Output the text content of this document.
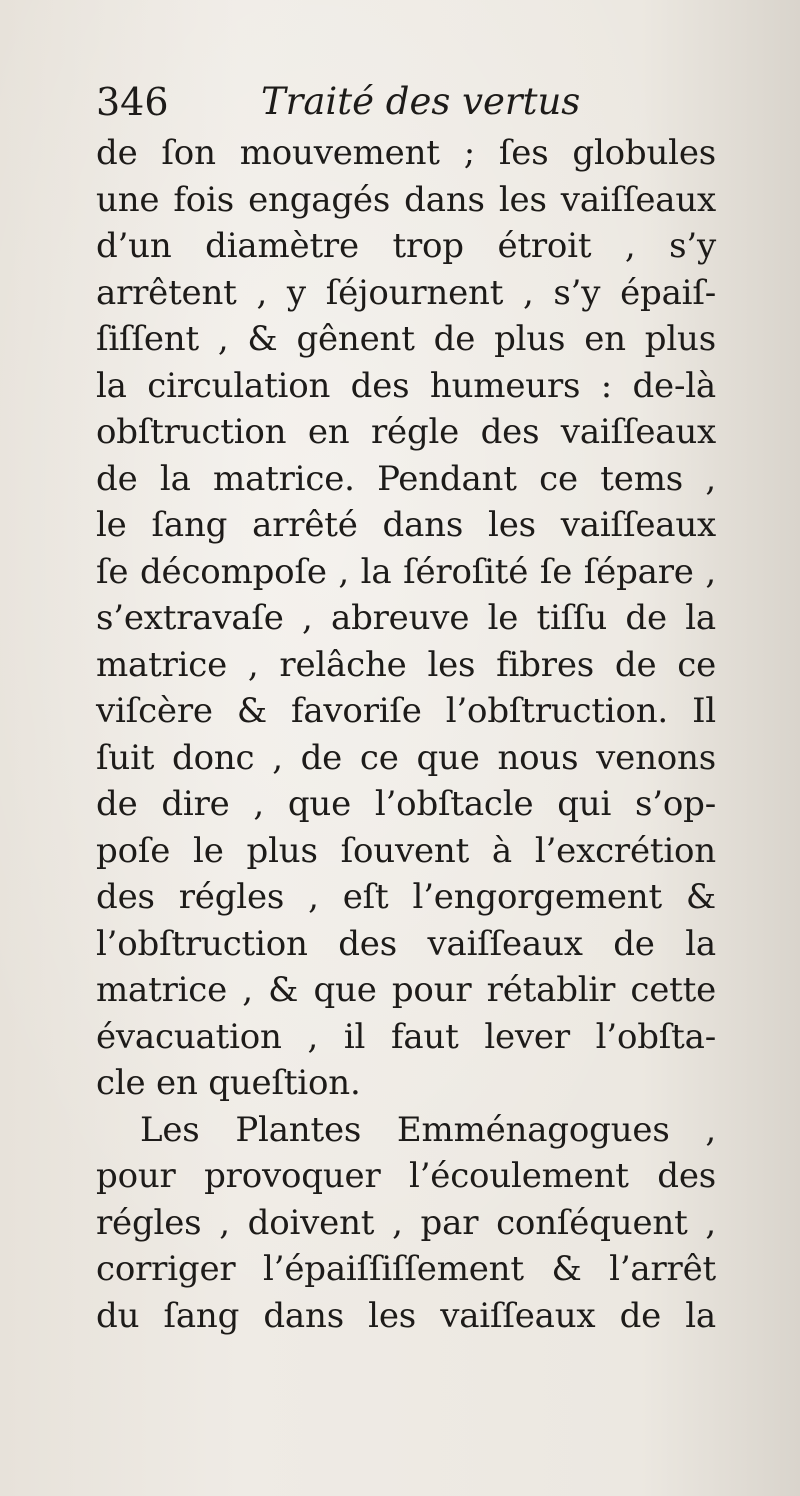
346 Traité des vertus
de ſon mouvement ; ſes globules
une fois engagés dans les vaiſſeaux
d’un diamètre trop étroit , s’y
arrêtent , y ſéjournent , s’y épaiſ-
ſiſſent , & gênent de plus en plus
la circulation des humeurs : de-là
obſtruction en régle des vaiſſeaux
de la matrice. Pendant ce tems ,
le ſang arrêté dans les vaiſſeaux
ſe décompoſe , la ſéroſité ſe ſépare ,
s’extravaſe , abreuve le tiſſu de la
matrice , relâche les fibres de ce
viſcère & favoriſe l’obſtruction. Il
ſuit donc , de ce que nous venons
de dire , que l’obſtacle qui s’op-
poſe le plus ſouvent à l’excrétion
des régles , eſt l’engorgement &
l’obſtruction des vaiſſeaux de la
matrice , & que pour rétablir cette
évacuation , il faut lever l’obſta-
cle en queſtion.
Les Plantes Emménagogues ,
pour provoquer l’écoulement des
régles , doivent , par conſéquent ,
corriger l’épaiſſiſſement & l’arrêt
du ſang dans les vaiſſeaux de la
